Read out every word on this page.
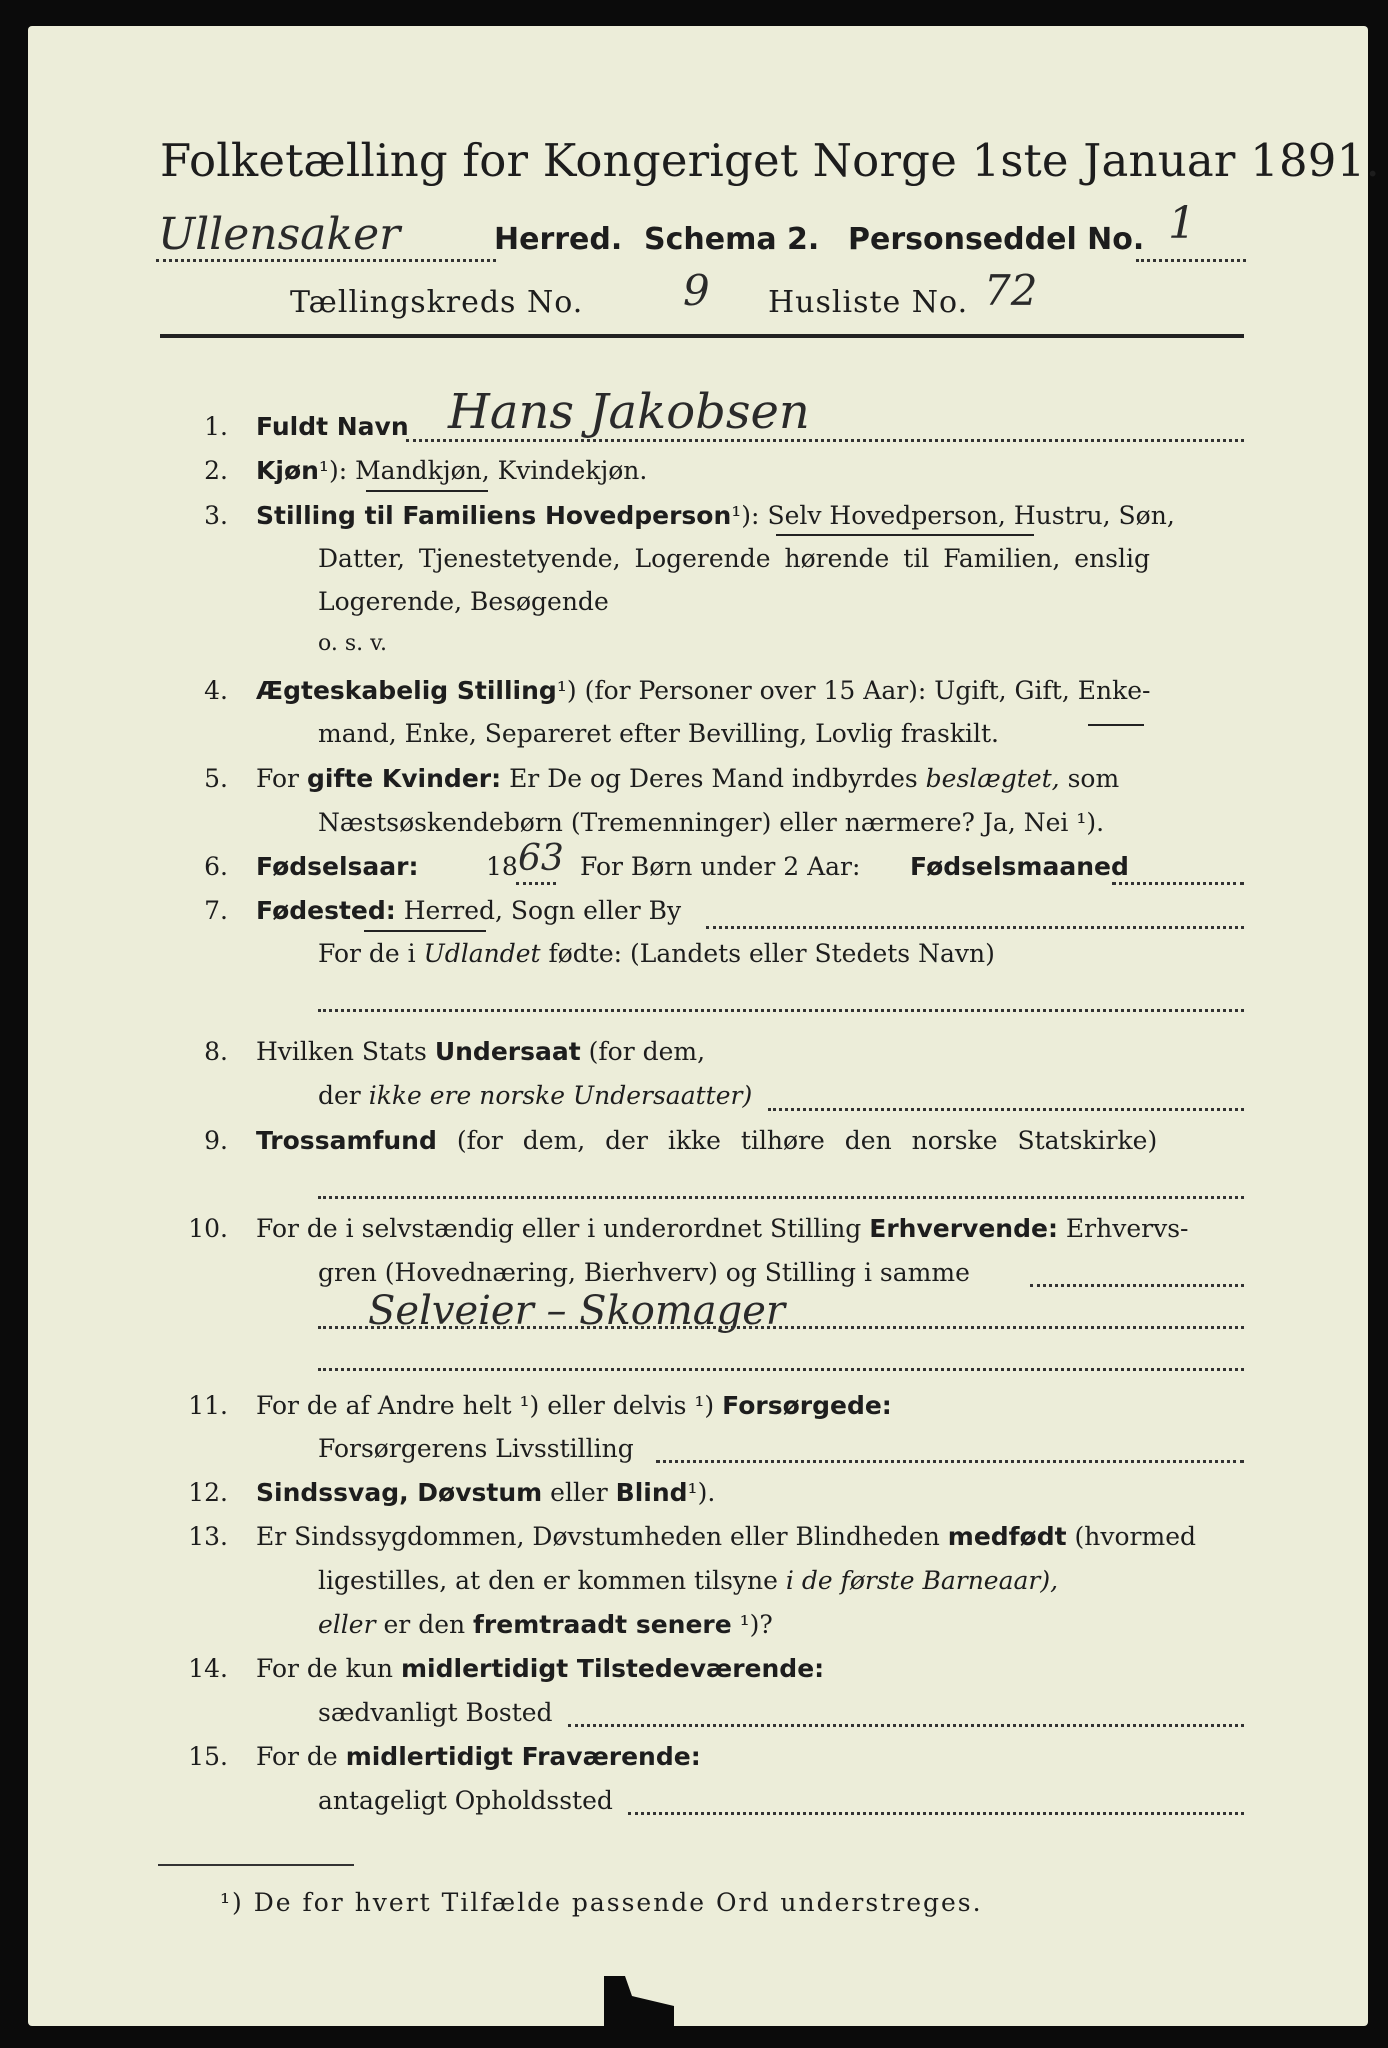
Folketælling for Kongeriget Norge 1ste Januar 1891.
Ullensaker	Herred. Schema 2. Personseddel No. 1
Tællingskreds No. 9 Husliste No. 72
1. Fuldt Navn Hans Jakobsen
2. Kjøn¹): Mandkjøn, Kvindekjøn.
3. Stilling til Familiens Hovedperson¹): Selv Hovedperson, Hustru, Søn,
Datter, Tjenestetyende, Logerende hørende til Familien, enslig
Logerende, Besøgende
o. s. v.
4. Ægteskabelig Stilling¹) (for Personer over 15 Aar): Ugift, Gift, Enke-
mand, Enke, Separeret efter Bevilling, Lovlig fraskilt.
5. For gifte Kvinder: Er De og Deres Mand indbyrdes beslægtet, som
Næstsøskendebørn (Tremenninger) eller nærmere? Ja, Nei ¹).
6. Fødselsaar:	18 63 For Børn under 2 Aar: Fødselsmaaned
7. Fødested: Herred, Sogn eller By
For de i Udlandet fødte: (Landets eller Stedets Navn)
8. Hvilken Stats Undersaat (for dem,
der ikke ere norske Undersaatter)
9. Trossamfund (for dem, der ikke tilhøre den norske Statskirke)
10. For de i selvstændig eller i underordnet Stilling Erhvervende: Erhvervs-
gren (Hovednæring, Bierhverv) og Stilling i samme
Selveier – Skomager
11. For de af Andre helt ¹) eller delvis ¹) Forsørgede:
Forsørgerens Livsstilling
12. Sindssvag, Døvstum eller Blind¹).
13. Er Sindssygdommen, Døvstumheden eller Blindheden medfødt (hvormed
ligestilles, at den er kommen tilsyne i de første Barneaar),
eller er den fremtraadt senere ¹)?
14. For de kun midlertidigt Tilstedeværende:
sædvanligt Bosted
15. For de midlertidigt Fraværende:
antageligt Opholdssted
¹) De for hvert Tilfælde passende Ord understreges.
